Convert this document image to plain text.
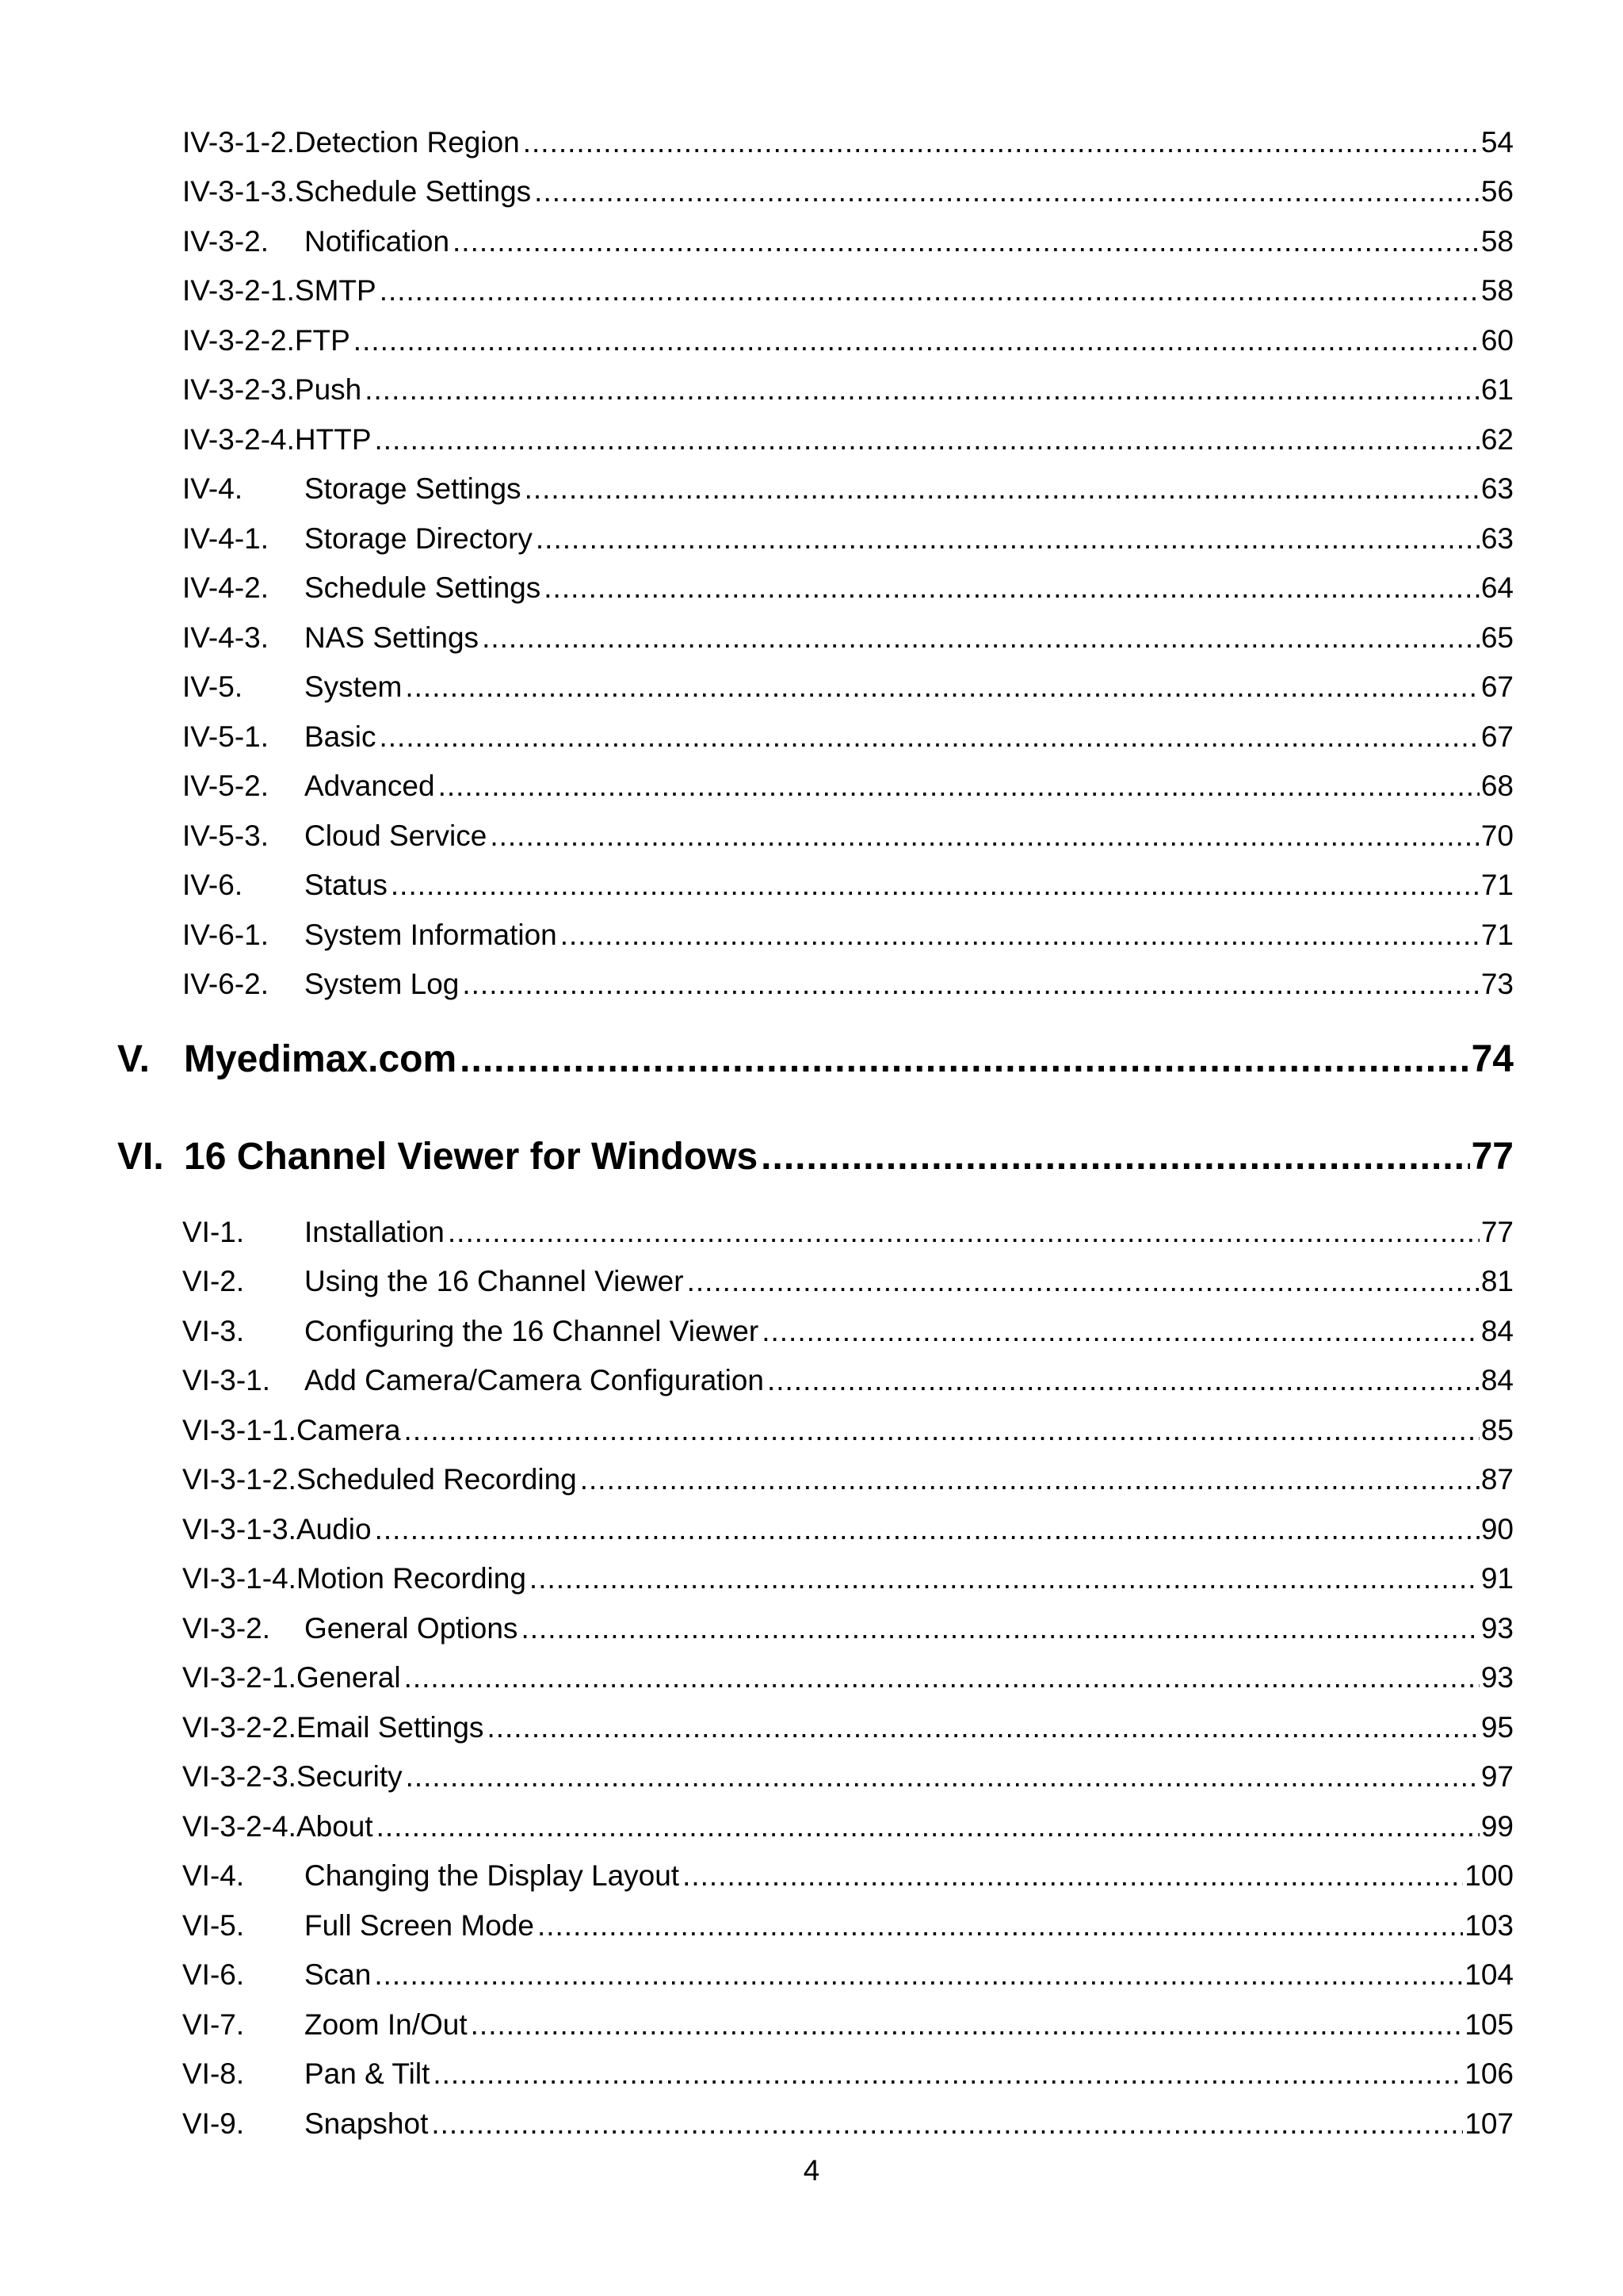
IV-3-1-2. Detection Region .....	54
IV-3-1-3. Schedule Settings .....	56
IV-3-2.	Notification .....	58
IV-3-2-1. SMTP .....	58
IV-3-2-2. FTP .....	60
IV-3-2-3. Push .....	61
IV-3-2-4. HTTP .....	62
IV-4.	Storage Settings .....	63
IV-4-1.	Storage Directory .....	63
IV-4-2.	Schedule Settings .....	64
IV-4-3.	NAS Settings .....	65
IV-5.	System .....	67
IV-5-1.	Basic .....	67
IV-5-2.	Advanced .....	68
IV-5-3.	Cloud Service .....	70
IV-6.	Status .....	71
IV-6-1.	System Information .....	71
IV-6-2.	System Log .....	73
V. Myedimax.com .....	74
VI. 16 Channel Viewer for Windows .....	77
VI-1.	Installation .....	77
VI-2.	Using the 16 Channel Viewer .....	81
VI-3.	Configuring the 16 Channel Viewer .....	84
VI-3-1.	Add Camera/Camera Configuration .....	84
VI-3-1-1. Camera .....	85
VI-3-1-2. Scheduled Recording .....	87
VI-3-1-3. Audio .....	90
VI-3-1-4. Motion Recording .....	91
VI-3-2.	General Options .....	93
VI-3-2-1. General .....	93
VI-3-2-2. Email Settings .....	95
VI-3-2-3. Security .....	97
VI-3-2-4. About .....	99
VI-4.	Changing the Display Layout .....	100
VI-5.	Full Screen Mode .....	103
VI-6.	Scan .....	104
VI-7.	Zoom In/Out .....	105
VI-8.	Pan & Tilt .....	106
VI-9.	Snapshot .....	107
4
